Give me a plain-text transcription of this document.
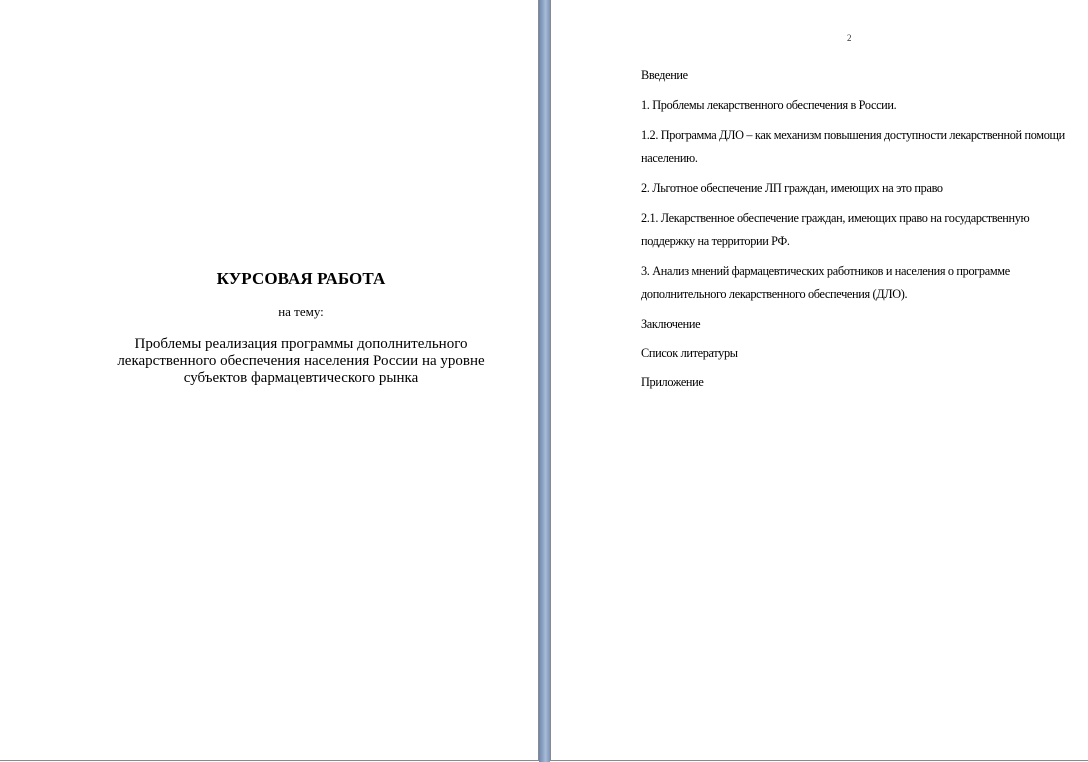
КУРСОВАЯ РАБОТА
на тему:
Проблемы реализация программы дополнительного лекарственного обеспечения населения России на уровне субъектов фармацевтического рынка
2
Введение
1. Проблемы лекарственного обеспечения в России.
1.2. Программа ДЛО – как механизм повышения доступности лекарственной помощи населению.
2. Льготное обеспечение ЛП граждан, имеющих на это право
2.1. Лекарственное обеспечение граждан, имеющих право на государственную поддержку на территории РФ.
3. Анализ мнений фармацевтических работников и населения о программе дополнительного лекарственного обеспечения (ДЛО).
Заключение
Список литературы
Приложение
